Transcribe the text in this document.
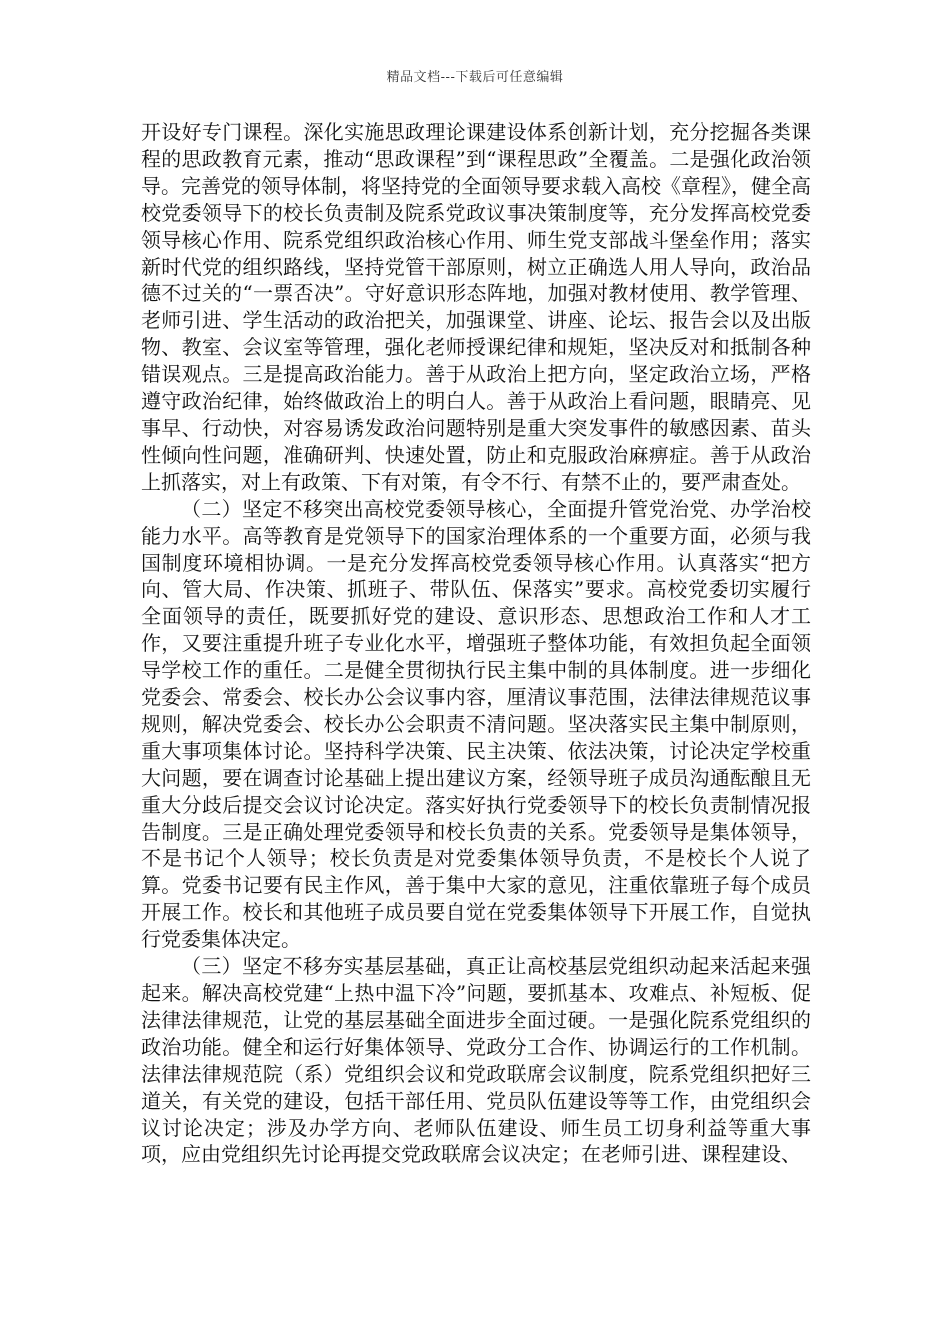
精品文档---下载后可任意编辑

开设好专门课程。深化实施思政理论课建设体系创新计划，充分挖掘各类课程的思政教育元素，推动“思政课程”到“课程思政”全覆盖。二是强化政治领导。完善党的领导体制，将坚持党的全面领导要求载入高校《章程》，健全高校党委领导下的校长负责制及院系党政议事决策制度等，充分发挥高校党委领导核心作用、院系党组织政治核心作用、师生党支部战斗堡垒作用；落实新时代党的组织路线，坚持党管干部原则，树立正确选人用人导向，政治品德不过关的“一票否决”。守好意识形态阵地，加强对教材使用、教学管理、老师引进、学生活动的政治把关，加强课堂、讲座、论坛、报告会以及出版物、教室、会议室等管理，强化老师授课纪律和规矩，坚决反对和抵制各种错误观点。三是提高政治能力。善于从政治上把方向，坚定政治立场，严格遵守政治纪律，始终做政治上的明白人。善于从政治上看问题，眼睛亮、见事早、行动快，对容易诱发政治问题特别是重大突发事件的敏感因素、苗头性倾向性问题，准确研判、快速处置，防止和克服政治麻痹症。善于从政治上抓落实，对上有政策、下有对策，有令不行、有禁不止的，要严肃查处。

（二）坚定不移突出高校党委领导核心，全面提升管党治党、办学治校能力水平。高等教育是党领导下的国家治理体系的一个重要方面，必须与我国制度环境相协调。一是充分发挥高校党委领导核心作用。认真落实“把方向、管大局、作决策、抓班子、带队伍、保落实”要求。高校党委切实履行全面领导的责任，既要抓好党的建设、意识形态、思想政治工作和人才工作，又要注重提升班子专业化水平，增强班子整体功能，有效担负起全面领导学校工作的重任。二是健全贯彻执行民主集中制的具体制度。进一步细化党委会、常委会、校长办公会议事内容，厘清议事范围，法律法律规范议事规则，解决党委会、校长办公会职责不清问题。坚决落实民主集中制原则，重大事项集体讨论。坚持科学决策、民主决策、依法决策，讨论决定学校重大问题，要在调查讨论基础上提出建议方案，经领导班子成员沟通酝酿且无重大分歧后提交会议讨论决定。落实好执行党委领导下的校长负责制情况报告制度。三是正确处理党委领导和校长负责的关系。党委领导是集体领导，不是书记个人领导；校长负责是对党委集体领导负责，不是校长个人说了算。党委书记要有民主作风，善于集中大家的意见，注重依靠班子每个成员开展工作。校长和其他班子成员要自觉在党委集体领导下开展工作，自觉执行党委集体决定。

（三）坚定不移夯实基层基础，真正让高校基层党组织动起来活起来强起来。解决高校党建“上热中温下冷”问题，要抓基本、攻难点、补短板、促法律法律规范，让党的基层基础全面进步全面过硬。一是强化院系党组织的政治功能。健全和运行好集体领导、党政分工合作、协调运行的工作机制。法律法律规范院（系）党组织会议和党政联席会议制度，院系党组织把好三道关，有关党的建设，包括干部任用、党员队伍建设等等工作，由党组织会议讨论决定；涉及办学方向、老师队伍建设、师生员工切身利益等重大事项，应由党组织先讨论再提交党政联席会议决定；在老师引进、课程建设、
